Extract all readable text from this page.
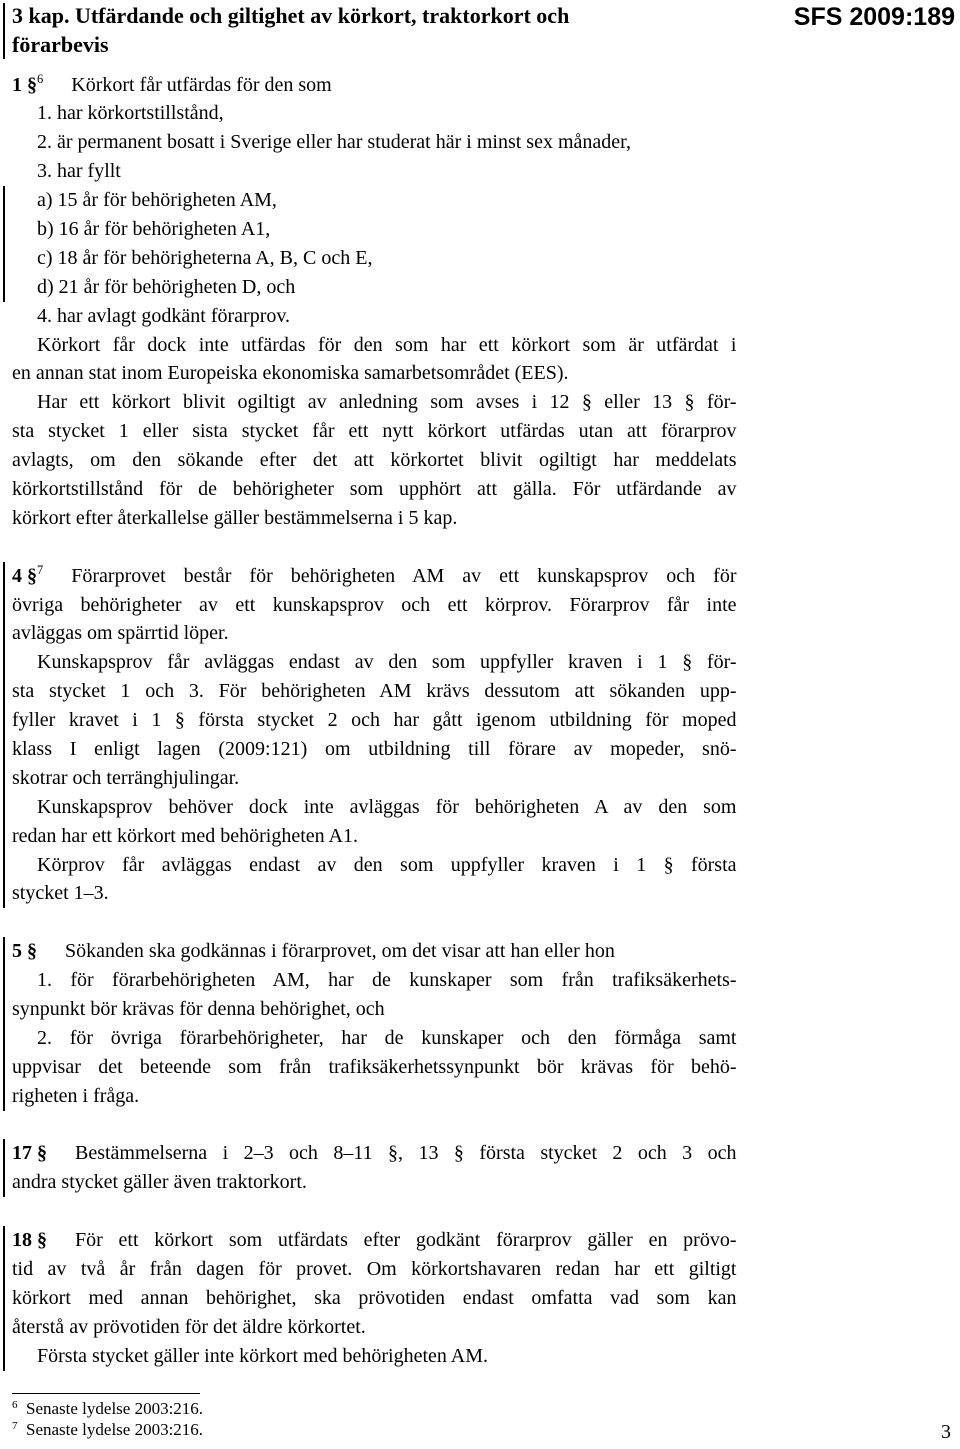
3 kap. Utfärdande och giltighet av körkort, traktorkort och
förarbevis
SFS 2009:189
1 §$^6$ Körkort får utfärdas för den som
1. har körkortstillstånd,
2. är permanent bosatt i Sverige eller har studerat här i minst sex månader,
3. har fyllt
a) 15 år för behörigheten AM,
b) 16 år för behörigheten A1,
c) 18 år för behörigheterna A, B, C och E,
d) 21 år för behörigheten D, och
4. har avlagt godkänt förarprov.
Körkort får dock inte utfärdas för den som har ett körkort som är utfärdat i
en annan stat inom Europeiska ekonomiska samarbetsområdet (EES).
Har ett körkort blivit ogiltigt av anledning som avses i 12 § eller 13 § för-
sta stycket 1 eller sista stycket får ett nytt körkort utfärdas utan att förarprov
avlagts, om den sökande efter det att körkortet blivit ogiltigt har meddelats
körkortstillstånd för de behörigheter som upphört att gälla. För utfärdande av
körkort efter återkallelse gäller bestämmelserna i 5 kap.
4 §$^7$ Förarprovet består för behörigheten AM av ett kunskapsprov och för
övriga behörigheter av ett kunskapsprov och ett körprov. Förarprov får inte
avläggas om spärrtid löper.
Kunskapsprov får avläggas endast av den som uppfyller kraven i 1 § för-
sta stycket 1 och 3. För behörigheten AM krävs dessutom att sökanden upp-
fyller kravet i 1 § första stycket 2 och har gått igenom utbildning för moped
klass I enligt lagen (2009:121) om utbildning till förare av mopeder, snö-
skotrar och terränghjulingar.
Kunskapsprov behöver dock inte avläggas för behörigheten A av den som
redan har ett körkort med behörigheten A1.
Körprov får avläggas endast av den som uppfyller kraven i 1 § första
stycket 1–3.
5 § Sökanden ska godkännas i förarprovet, om det visar att han eller hon
1. för förarbehörigheten AM, har de kunskaper som från trafiksäkerhets-
synpunkt bör krävas för denna behörighet, och
2. för övriga förarbehörigheter, har de kunskaper och den förmåga samt
uppvisar det beteende som från trafiksäkerhetssynpunkt bör krävas för behö-
righeten i fråga.
17 § Bestämmelserna i 2–3 och 8–11 §, 13 § första stycket 2 och 3 och
andra stycket gäller även traktorkort.
18 § För ett körkort som utfärdats efter godkänt förarprov gäller en prövo-
tid av två år från dagen för provet. Om körkortshavaren redan har ett giltigt
körkort med annan behörighet, ska prövotiden endast omfatta vad som kan
återstå av prövotiden för det äldre körkortet.
Första stycket gäller inte körkort med behörigheten AM.
6 Senaste lydelse 2003:216.
7 Senaste lydelse 2003:216.	3
